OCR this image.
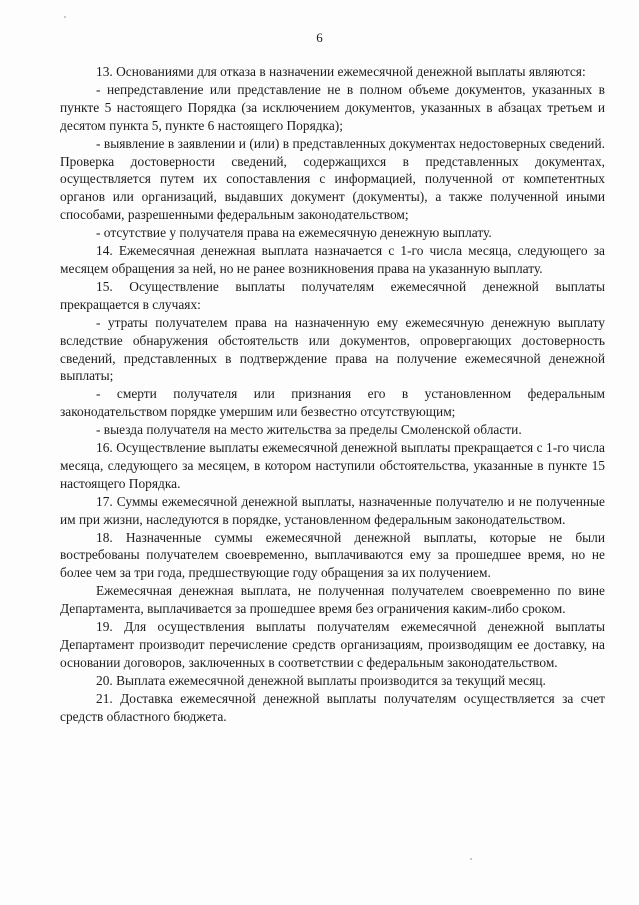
6

13. Основаниями для отказа в назначении ежемесячной денежной выплаты являются:

- непредставление или представление не в полном объеме документов, указанных в пункте 5 настоящего Порядка (за исключением документов, указанных в абзацах третьем и десятом пункта 5, пункте 6 настоящего Порядка);

- выявление в заявлении и (или) в представленных документах недостоверных сведений. Проверка достоверности сведений, содержащихся в представленных документах, осуществляется путем их сопоставления с информацией, полученной от компетентных органов или организаций, выдавших документ (документы), а также полученной иными способами, разрешенными федеральным законодательством;

- отсутствие у получателя права на ежемесячную денежную выплату.

14. Ежемесячная денежная выплата назначается с 1-го числа месяца, следующего за месяцем обращения за ней, но не ранее возникновения права на указанную выплату.

15. Осуществление выплаты получателям ежемесячной денежной выплаты прекращается в случаях:

- утраты получателем права на назначенную ему ежемесячную денежную выплату вследствие обнаружения обстоятельств или документов, опровергающих достоверность сведений, представленных в подтверждение права на получение ежемесячной денежной выплаты;

- смерти получателя или признания его в установленном федеральным законодательством порядке умершим или безвестно отсутствующим;

- выезда получателя на место жительства за пределы Смоленской области.

16. Осуществление выплаты ежемесячной денежной выплаты прекращается с 1-го числа месяца, следующего за месяцем, в котором наступили обстоятельства, указанные в пункте 15 настоящего Порядка.

17. Суммы ежемесячной денежной выплаты, назначенные получателю и не полученные им при жизни, наследуются в порядке, установленном федеральным законодательством.

18. Назначенные суммы ежемесячной денежной выплаты, которые не были востребованы получателем своевременно, выплачиваются ему за прошедшее время, но не более чем за три года, предшествующие году обращения за их получением.

Ежемесячная денежная выплата, не полученная получателем своевременно по вине Департамента, выплачивается за прошедшее время без ограничения каким-либо сроком.

19. Для осуществления выплаты получателям ежемесячной денежной выплаты Департамент производит перечисление средств организациям, производящим ее доставку, на основании договоров, заключенных в соответствии с федеральным законодательством.

20. Выплата ежемесячной денежной выплаты производится за текущий месяц.

21. Доставка ежемесячной денежной выплаты получателям осуществляется за счет средств областного бюджета.
